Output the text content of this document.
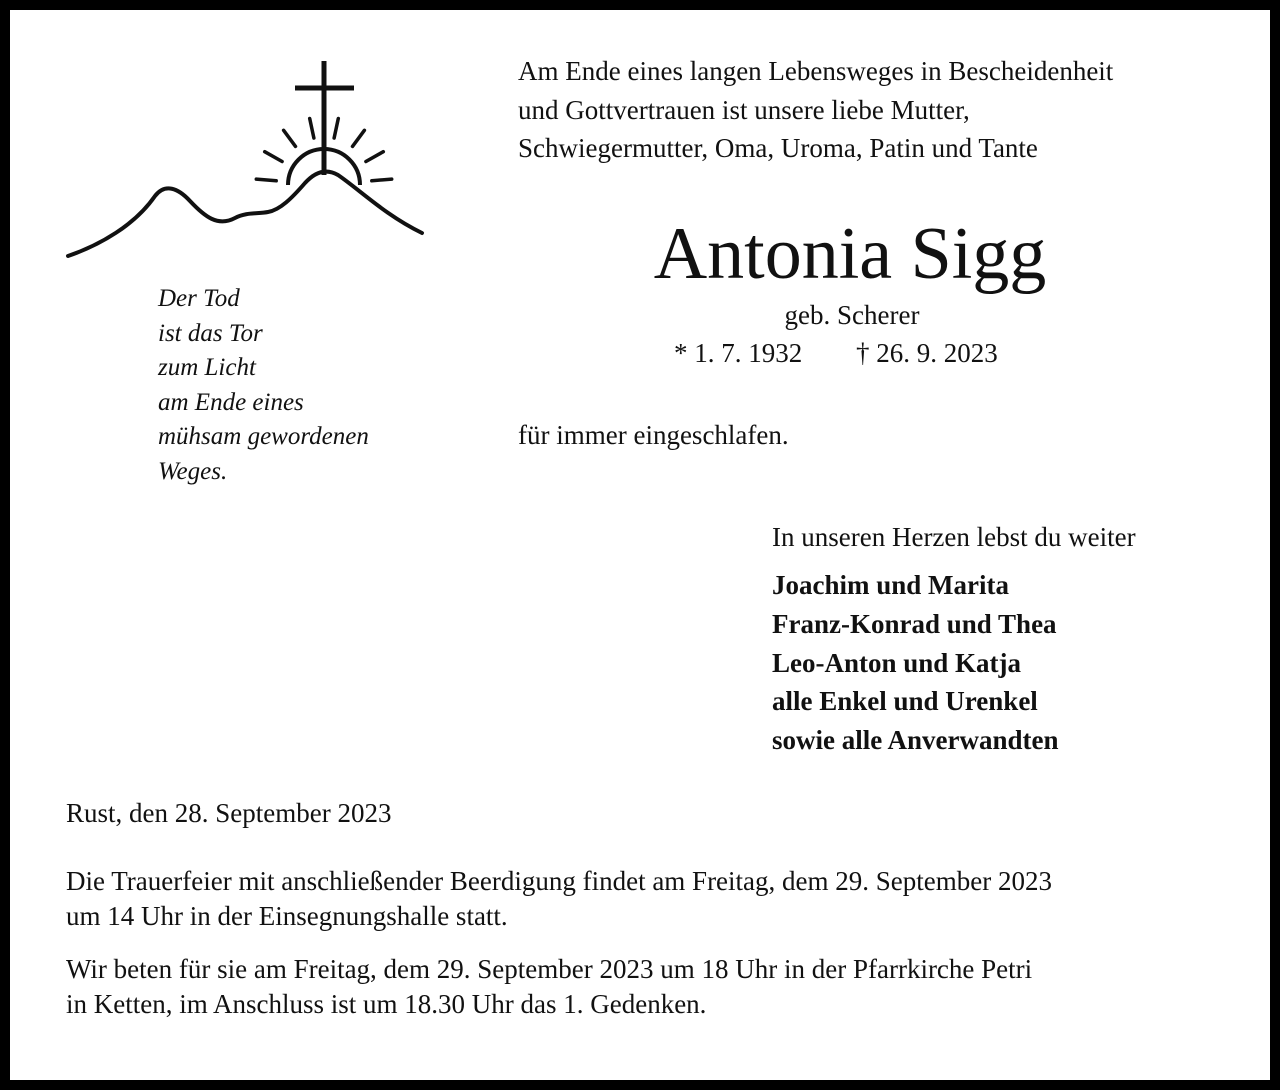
Der Tod
ist das Tor
zum Licht
am Ende eines
mühsam gewordenen
Weges.
Am Ende eines langen Lebensweges in Bescheidenheit
und Gottvertrauen ist unsere liebe Mutter,
Schwiegermutter, Oma, Uroma, Patin und Tante
Antonia Sigg
geb. Scherer
* 1. 7. 1932 † 26. 9. 2023
für immer eingeschlafen.
In unseren Herzen lebst du weiter
Joachim und Marita
Franz-Konrad und Thea
Leo-Anton und Katja
alle Enkel und Urenkel
sowie alle Anverwandten
Rust, den 28. September 2023
Die Trauerfeier mit anschließender Beerdigung findet am Freitag, dem 29. September 2023
um 14 Uhr in der Einsegnungshalle statt.
Wir beten für sie am Freitag, dem 29. September 2023 um 18 Uhr in der Pfarrkirche Petri
in Ketten, im Anschluss ist um 18.30 Uhr das 1. Gedenken.
